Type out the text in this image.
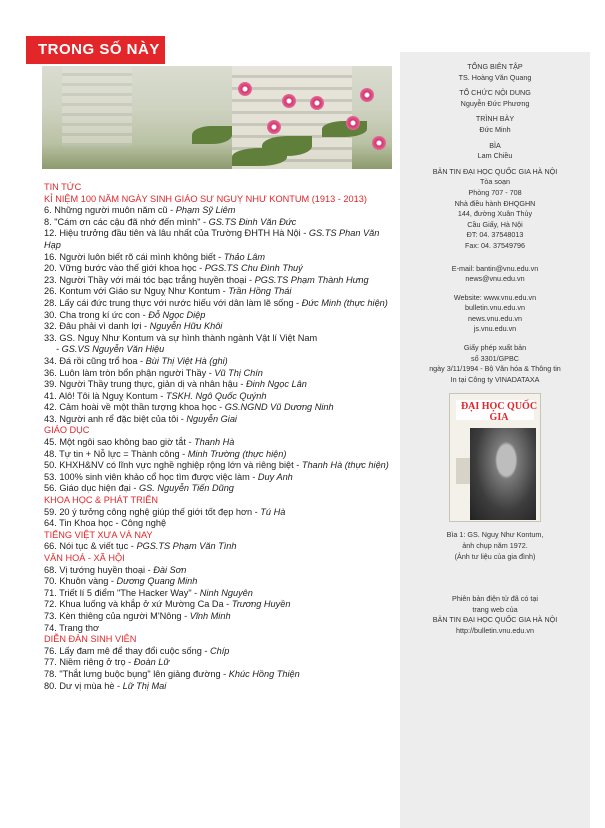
TRONG SỐ NÀY
TỔNG BIÊN TẬP
TS. Hoàng Văn Quang
TỔ CHỨC NỘI DUNG
Nguyễn Đức Phương
TRÌNH BÀY
Đức Minh
BÌA
Lam Chiều
BẢN TIN ĐẠI HỌC QUỐC GIA HÀ NỘI
Tòa soạn
Phòng 707 - 708
Nhà điều hành ĐHQGHN
144, đường Xuân Thủy
Cầu Giấy, Hà Nội
ĐT: 04. 37548013
Fax: 04. 37549796
E-mail: bantin@vnu.edu.vn
news@vnu.edu.vn
Website: www.vnu.edu.vn
bulletin.vnu.edu.vn
news.vnu.edu.vn
js.vnu.edu.vn
Giấy phép xuất bản
số 3301/GPBC
ngày 3/11/1994 - Bộ Văn hóa & Thông tin
In tại Công ty VINADATAXA
ĐẠI HỌC QUỐC GIA
Bìa 1: GS. Nguỵ Như Kontum,
ảnh chụp năm 1972.
(Ảnh tư liệu của gia đình)
Phiên bản điện tử đã có tại
trang web của
BẢN TIN ĐẠI HỌC QUỐC GIA HÀ NỘI
http://bulletin.vnu.edu.vn
TIN TỨC
KỈ NIỆM 100 NĂM NGÀY SINH GIÁO SƯ NGUỴ NHƯ KONTUM (1913 - 2013)
6. Những người muôn năm cũ - Phạm Sỹ Liêm
8. "Cám ơn các cậu đã nhớ đến mình" - GS.TS Đinh Văn Đức
12. Hiệu trưởng đầu tiên và lâu nhất của Trường ĐHTH Hà Nội - GS.TS Phan Văn Hạp
16. Người luôn biết rõ cái mình không biết - Thảo Lâm
20. Vững bước vào thế giới khoa học - PGS.TS Chu Đình Thuý
23. Người Thầy với mái tóc bạc trắng huyền thoại - PGS.TS Phạm Thành Hưng
26. Kontum với Giáo sư Nguỵ Như Kontum - Trần Hồng Thái
28. Lấy cái đức trung thực với nước hiếu với dân làm lẽ sống - Đức Minh (thực hiện)
30. Cha trong kí ức con - Đỗ Ngọc Diệp
32. Đâu phải vì danh lợi - Nguyễn Hữu Khôi
33. GS. Nguỵ Như Kontum và sự hình thành ngành Vật lí Việt Nam
- GS.VS Nguyễn Văn Hiệu
34. Đá rồi cũng trổ hoa - Bùi Thị Việt Hà (ghi)
36. Luôn làm tròn bổn phận người Thầy - Vũ Thị Chín
39. Người Thầy trung thực, giản dị và nhân hậu - Đinh Ngọc Lân
41. Alô! Tôi là Nguỵ Kontum - TSKH. Ngô Quốc Quýnh
42. Cảm hoài về một thần tượng khoa học - GS.NGND Vũ Dương Ninh
43. Người anh rể đặc biệt của tôi - Nguyễn Giai
GIÁO DỤC
45. Một ngôi sao không bao giờ tắt - Thanh Hà
48. Tự tin + Nỗ lực = Thành công - Minh Trường (thực hiện)
50. KHXH&NV có lĩnh vực nghề nghiệp rộng lớn và riêng biệt - Thanh Hà (thực hiện)
53. 100% sinh viên khảo cổ học tìm được việc làm - Duy Anh
56. Giáo dục hiện đại - GS. Nguyễn Tiến Dũng
KHOA HỌC & PHÁT TRIỂN
59. 20 ý tưởng công nghệ giúp thế giới tốt đẹp hơn - Tú Hà
64. Tin Khoa học - Công nghệ
TIẾNG VIỆT XƯA VÀ NAY
66. Nói tục & viết tục - PGS.TS Phạm Văn Tình
VĂN HOÁ - XÃ HỘI
68. Vị tướng huyền thoại - Đài Sơn
70. Khuôn vàng - Dương Quang Minh
71. Triết lí 5 điểm "The Hacker Way" - Ninh Nguyên
72. Khua luống và khắp ở xứ Mường Ca Da - Trương Huyền
73. Kèn thiêng của người M'Nông - Vĩnh Minh
74. Trang thơ
DIỄN ĐÀN SINH VIÊN
76. Lấy đam mê để thay đổi cuộc sống - Chíp
77. Niềm riêng ở trọ - Đoàn Lữ
78. "Thắt lưng buộc bụng" lên giảng đường - Khúc Hồng Thiện
80. Dư vị mùa hè - Lữ Thị Mai
